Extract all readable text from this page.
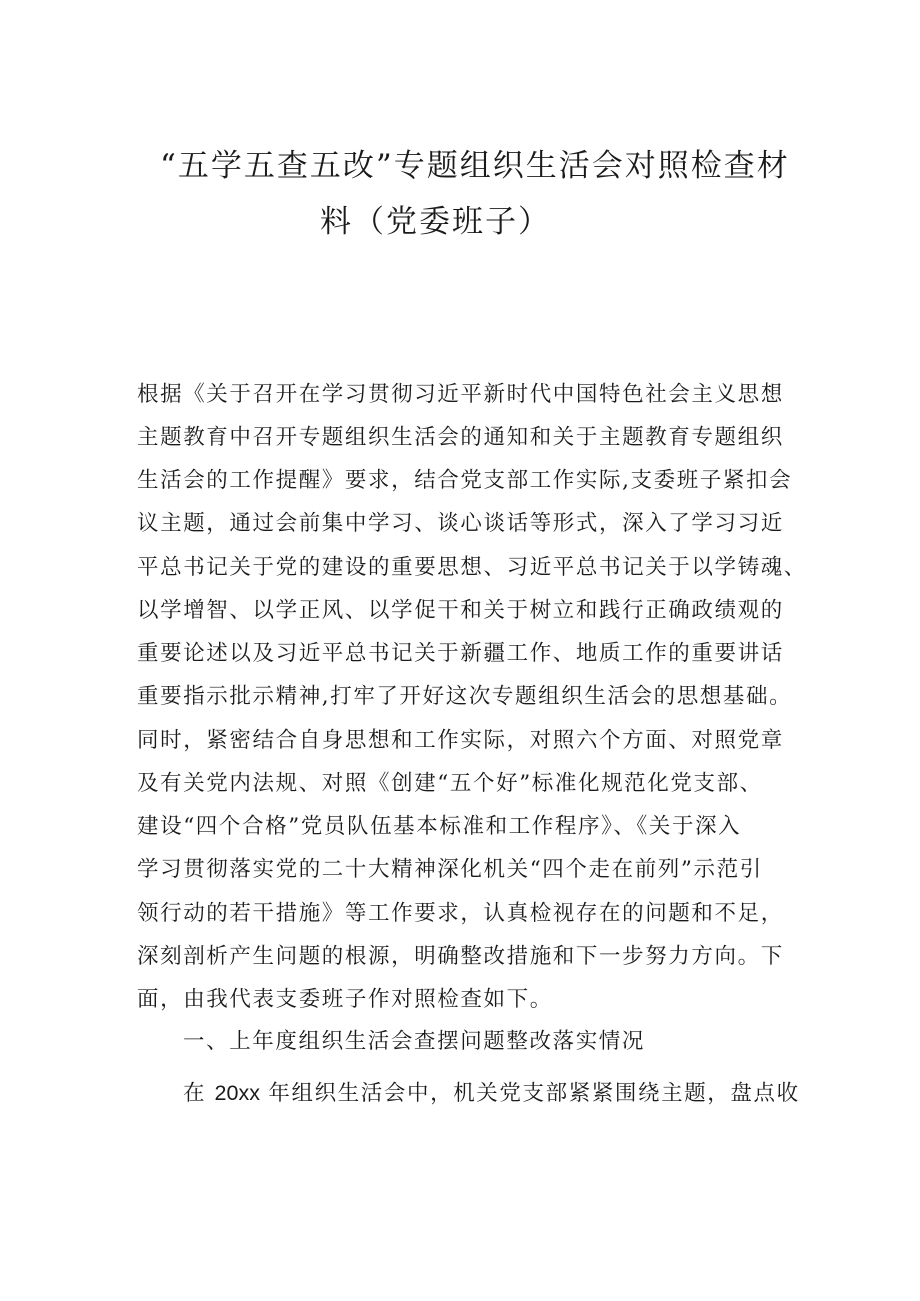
“五学五查五改”专题组织生活会对照检查材
料（党委班子）
根据《关于召开在学习贯彻习近平新时代中国特色社会主义思想
主题教育中召开专题组织生活会的通知和关于主题教育专题组织
生活会的工作提醒》要求，结合党支部工作实际,支委班子紧扣会
议主题，通过会前集中学习、谈心谈话等形式，深入了学习习近
平总书记关于党的建设的重要思想、习近平总书记关于以学铸魂、
以学增智、以学正风、以学促干和关于树立和践行正确政绩观的
重要论述以及习近平总书记关于新疆工作、地质工作的重要讲话
重要指示批示精神,打牢了开好这次专题组织生活会的思想基础。
同时，紧密结合自身思想和工作实际，对照六个方面、对照党章
及有关党内法规、对照《创建“五个好”标准化规范化党支部、
建设“四个合格”党员队伍基本标准和工作程序》、《关于深入
学习贯彻落实党的二十大精神深化机关“四个走在前列”示范引
领行动的若干措施》等工作要求，认真检视存在的问题和不足，
深刻剖析产生问题的根源，明确整改措施和下一步努力方向。下
面，由我代表支委班子作对照检查如下。
一、上年度组织生活会查摆问题整改落实情况
在 20xx 年组织生活会中，机关党支部紧紧围绕主题，盘点收
